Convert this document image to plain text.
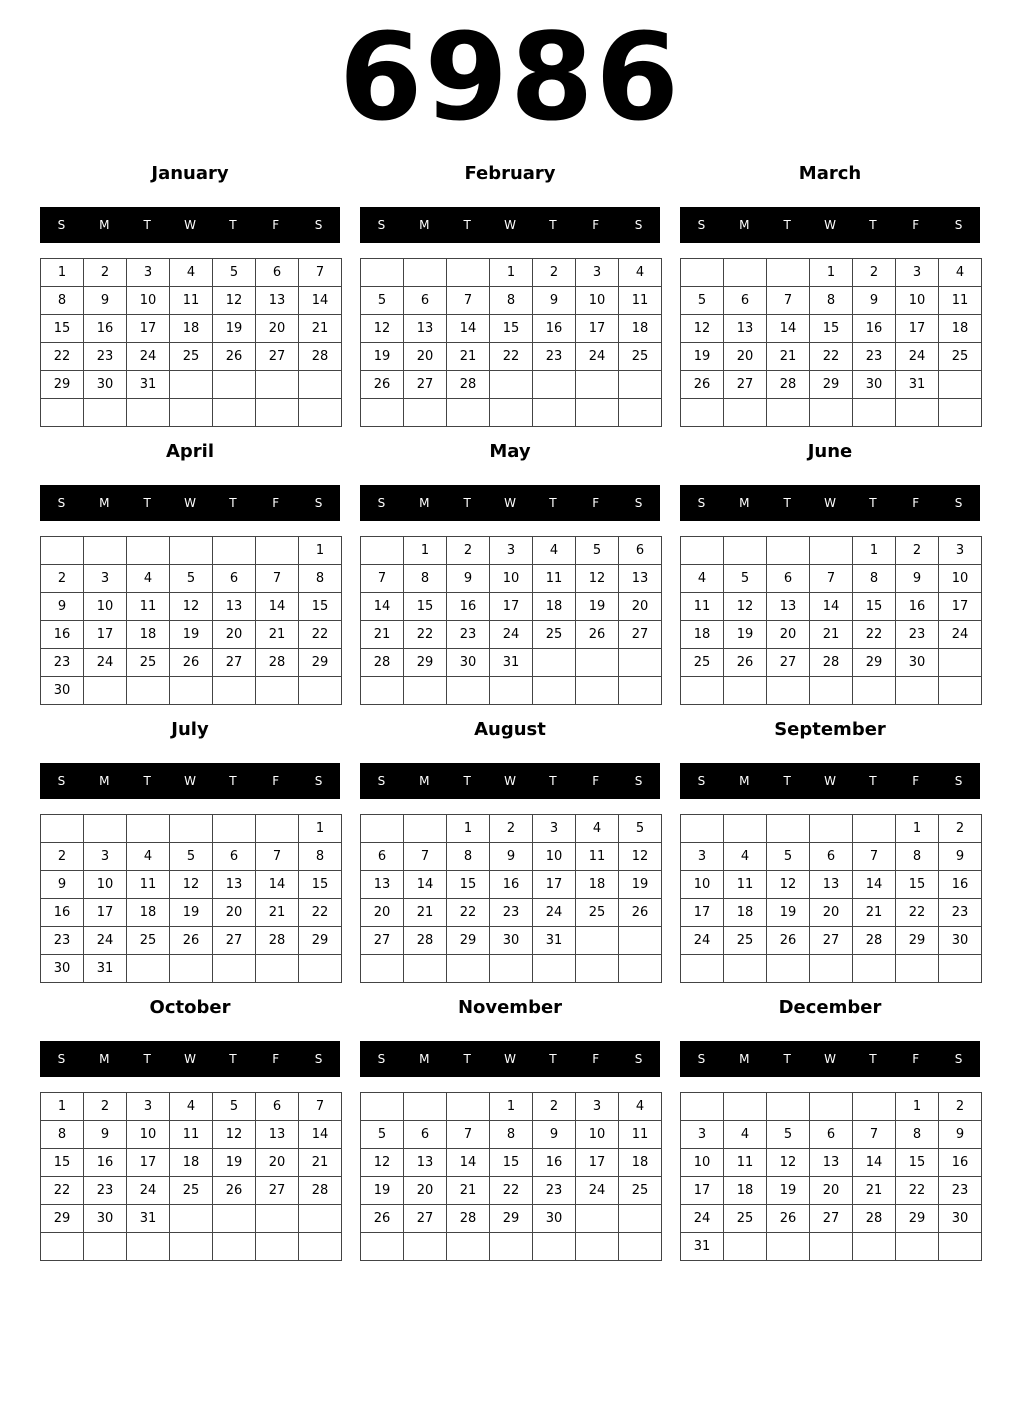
6986
January
S	M	T	W	T	F	S
1	2	3	4	5	6	7
8	9	10	11	12	13	14
15	16	17	18	19	20	21
22	23	24	25	26	27	28
29	30	31				

February
S	M	T	W	T	F	S
			1	2	3	4
5	6	7	8	9	10	11
12	13	14	15	16	17	18
19	20	21	22	23	24	25
26	27	28				

March
S	M	T	W	T	F	S
			1	2	3	4
5	6	7	8	9	10	11
12	13	14	15	16	17	18
19	20	21	22	23	24	25
26	27	28	29	30	31	

April
S	M	T	W	T	F	S
						1
2	3	4	5	6	7	8
9	10	11	12	13	14	15
16	17	18	19	20	21	22
23	24	25	26	27	28	29
30						
May
S	M	T	W	T	F	S
	1	2	3	4	5	6
7	8	9	10	11	12	13
14	15	16	17	18	19	20
21	22	23	24	25	26	27
28	29	30	31			

June
S	M	T	W	T	F	S
				1	2	3
4	5	6	7	8	9	10
11	12	13	14	15	16	17
18	19	20	21	22	23	24
25	26	27	28	29	30	

July
S	M	T	W	T	F	S
						1
2	3	4	5	6	7	8
9	10	11	12	13	14	15
16	17	18	19	20	21	22
23	24	25	26	27	28	29
30	31					
August
S	M	T	W	T	F	S
		1	2	3	4	5
6	7	8	9	10	11	12
13	14	15	16	17	18	19
20	21	22	23	24	25	26
27	28	29	30	31		

September
S	M	T	W	T	F	S
					1	2
3	4	5	6	7	8	9
10	11	12	13	14	15	16
17	18	19	20	21	22	23
24	25	26	27	28	29	30

October
S	M	T	W	T	F	S
1	2	3	4	5	6	7
8	9	10	11	12	13	14
15	16	17	18	19	20	21
22	23	24	25	26	27	28
29	30	31				

November
S	M	T	W	T	F	S
			1	2	3	4
5	6	7	8	9	10	11
12	13	14	15	16	17	18
19	20	21	22	23	24	25
26	27	28	29	30		

December
S	M	T	W	T	F	S
					1	2
3	4	5	6	7	8	9
10	11	12	13	14	15	16
17	18	19	20	21	22	23
24	25	26	27	28	29	30
31						
